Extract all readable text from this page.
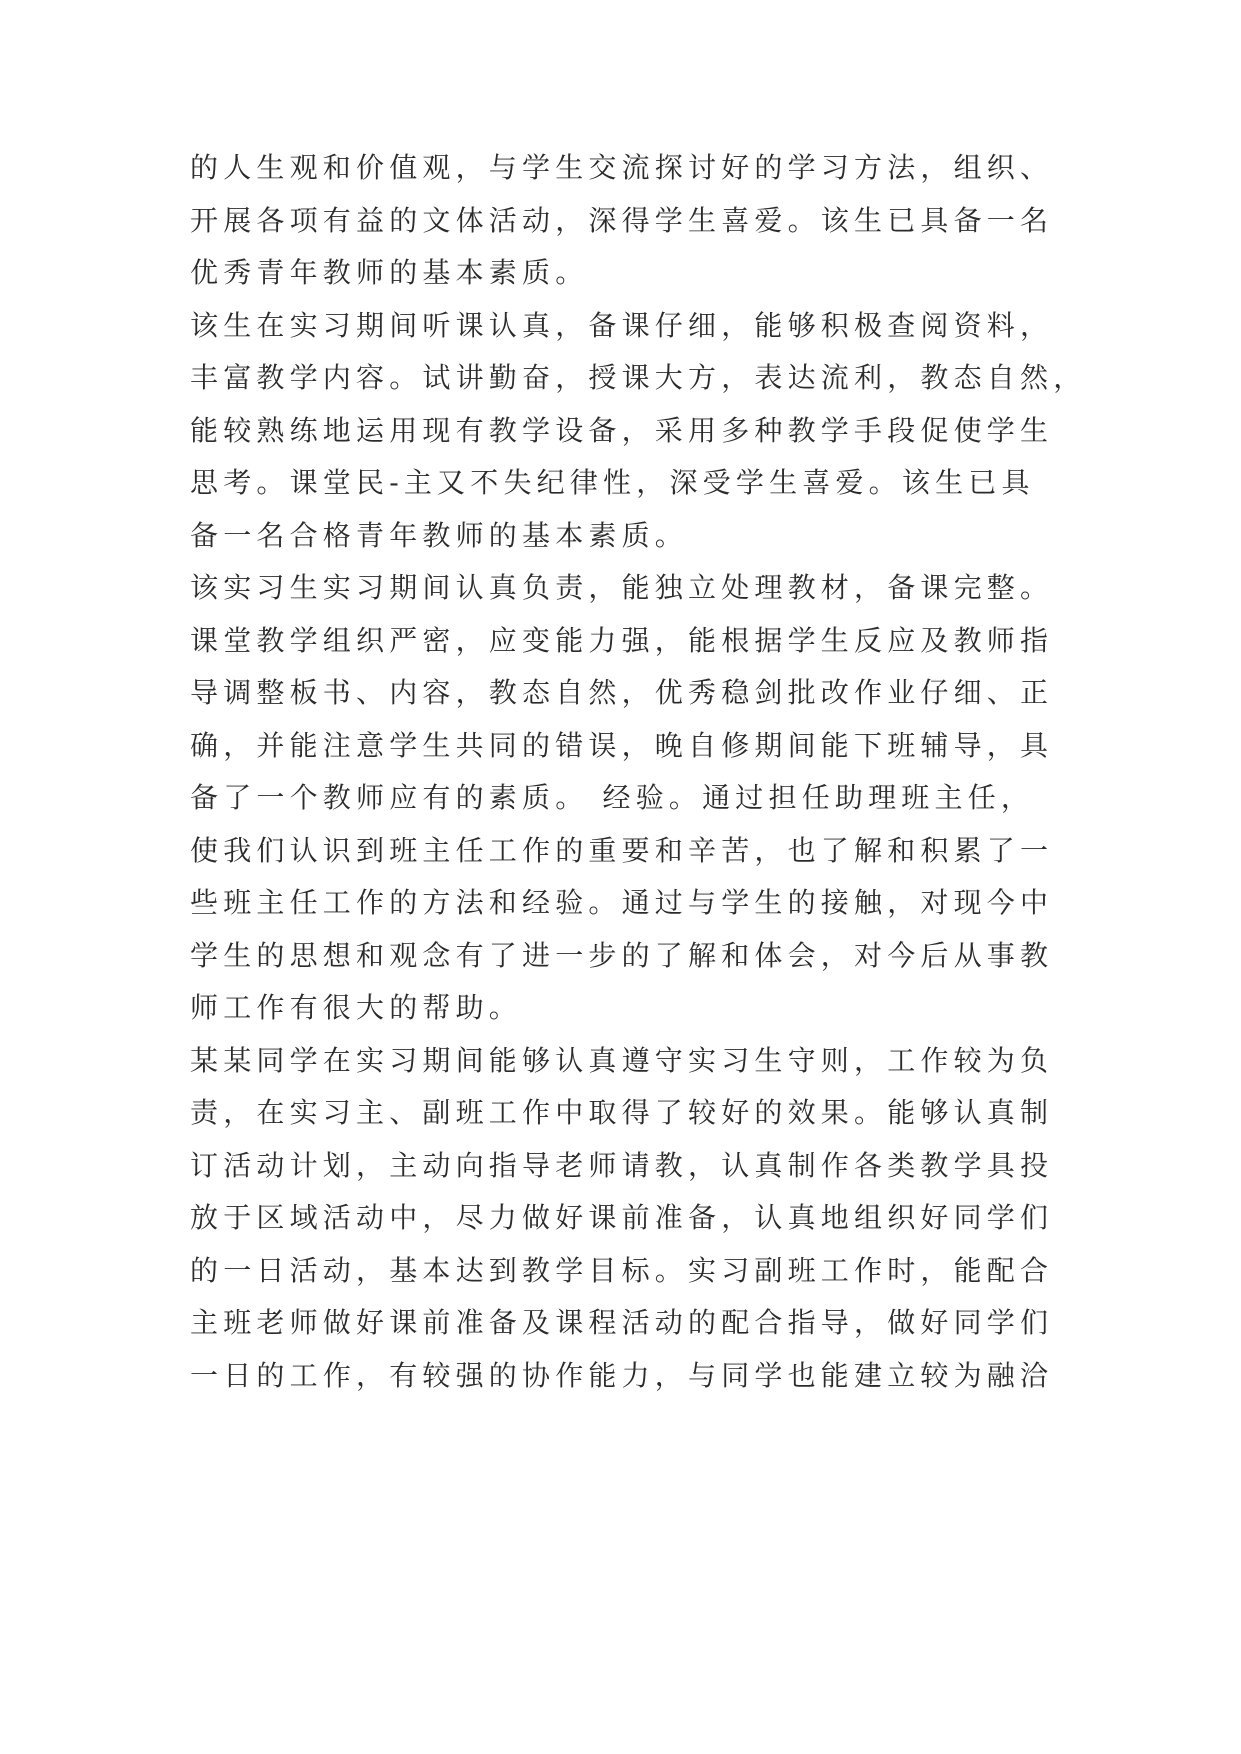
的人生观和价值观，与学生交流探讨好的学习方法，组织、
开展各项有益的文体活动，深得学生喜爱。该生已具备一名
优秀青年教师的基本素质。
该生在实习期间听课认真，备课仔细，能够积极查阅资料，
丰富教学内容。试讲勤奋，授课大方，表达流利，教态自然，
能较熟练地运用现有教学设备，采用多种教学手段促使学生
思考。课堂民-主又不失纪律性，深受学生喜爱。该生已具
备一名合格青年教师的基本素质。
该实习生实习期间认真负责，能独立处理教材，备课完整。
课堂教学组织严密，应变能力强，能根据学生反应及教师指
导调整板书、内容，教态自然，优秀稳剑批改作业仔细、正
确，并能注意学生共同的错误，晚自修期间能下班辅导，具
备了一个教师应有的素质。 经验。通过担任助理班主任，
使我们认识到班主任工作的重要和辛苦，也了解和积累了一
些班主任工作的方法和经验。通过与学生的接触，对现今中
学生的思想和观念有了进一步的了解和体会，对今后从事教
师工作有很大的帮助。
某某同学在实习期间能够认真遵守实习生守则，工作较为负
责，在实习主、副班工作中取得了较好的效果。能够认真制
订活动计划，主动向指导老师请教，认真制作各类教学具投
放于区域活动中，尽力做好课前准备，认真地组织好同学们
的一日活动，基本达到教学目标。实习副班工作时，能配合
主班老师做好课前准备及课程活动的配合指导，做好同学们
一日的工作，有较强的协作能力，与同学也能建立较为融洽
